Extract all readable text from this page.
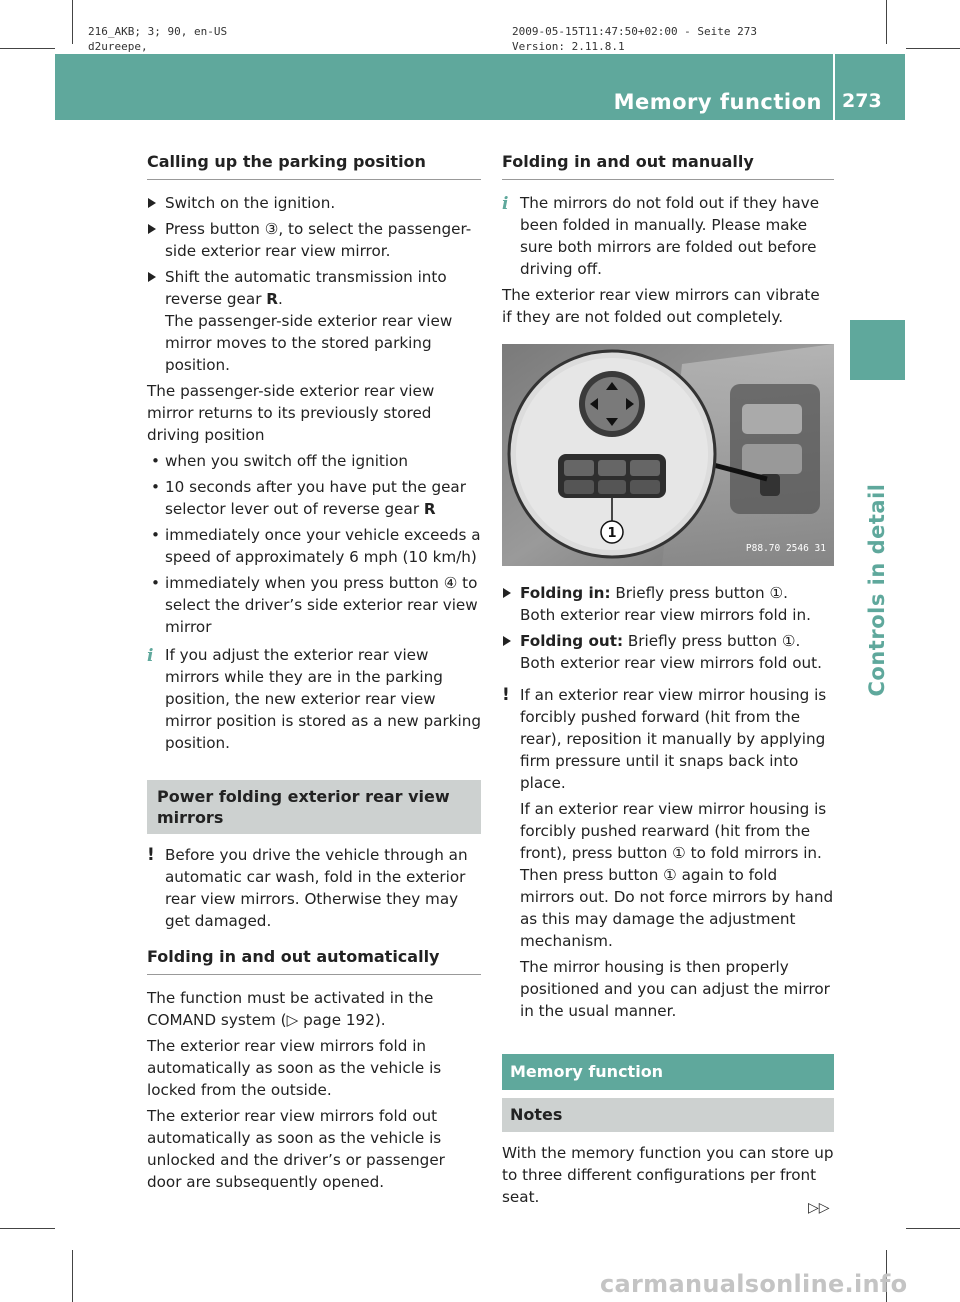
216_AKB; 3; 90, en-US
d2ureepe,
2009-05-15T11:47:50+02:00 - Seite 273
Version: 2.11.8.1
Memory function 273
Controls in detail
Calling up the parking position
Switch on the ignition.
Press button ③, to select the passenger-side exterior rear view mirror.
Shift the automatic transmission into reverse gear R.
The passenger-side exterior rear view mirror moves to the stored parking position.

The passenger-side exterior rear view mirror returns to its previously stored driving position

• when you switch off the ignition
• 10 seconds after you have put the gear selector lever out of reverse gear R
• immediately once your vehicle exceeds a speed of approximately 6 mph (10 km/h)
• immediately when you press button ④ to select the driver’s side exterior rear view mirror
i If you adjust the exterior rear view mirrors while they are in the parking position, the new exterior rear view mirror position is stored as a new parking position.
Power folding exterior rear view mirrors
! Before you drive the vehicle through an automatic car wash, fold in the exterior rear view mirrors. Otherwise they may get damaged.
Folding in and out automatically

The function must be activated in the COMAND system (▷ page 192).

The exterior rear view mirrors fold in automatically as soon as the vehicle is locked from the outside.

The exterior rear view mirrors fold out automatically as soon as the vehicle is unlocked and the driver’s or passenger door are subsequently opened.

Folding in and out manually
i The mirrors do not fold out if they have been folded in manually. Please make sure both mirrors are folded out before driving off.

The exterior rear view mirrors can vibrate if they are not folded out completely.

1
P88.70 2546 31
Folding in: Briefly press button ①.
Both exterior rear view mirrors fold in.
Folding out: Briefly press button ①.
Both exterior rear view mirrors fold out.
! If an exterior rear view mirror housing is forcibly pushed forward (hit from the rear), reposition it manually by applying firm pressure until it snaps back into place.

If an exterior rear view mirror housing is forcibly pushed rearward (hit from the front), press button ① to fold mirrors in. Then press button ① again to fold mirrors out. Do not force mirrors by hand as this may damage the adjustment mechanism.

The mirror housing is then properly positioned and you can adjust the mirror in the usual manner.

Memory function
Notes

With the memory function you can store up to three different configurations per front seat.

▷▷
carmanualsonline.info
